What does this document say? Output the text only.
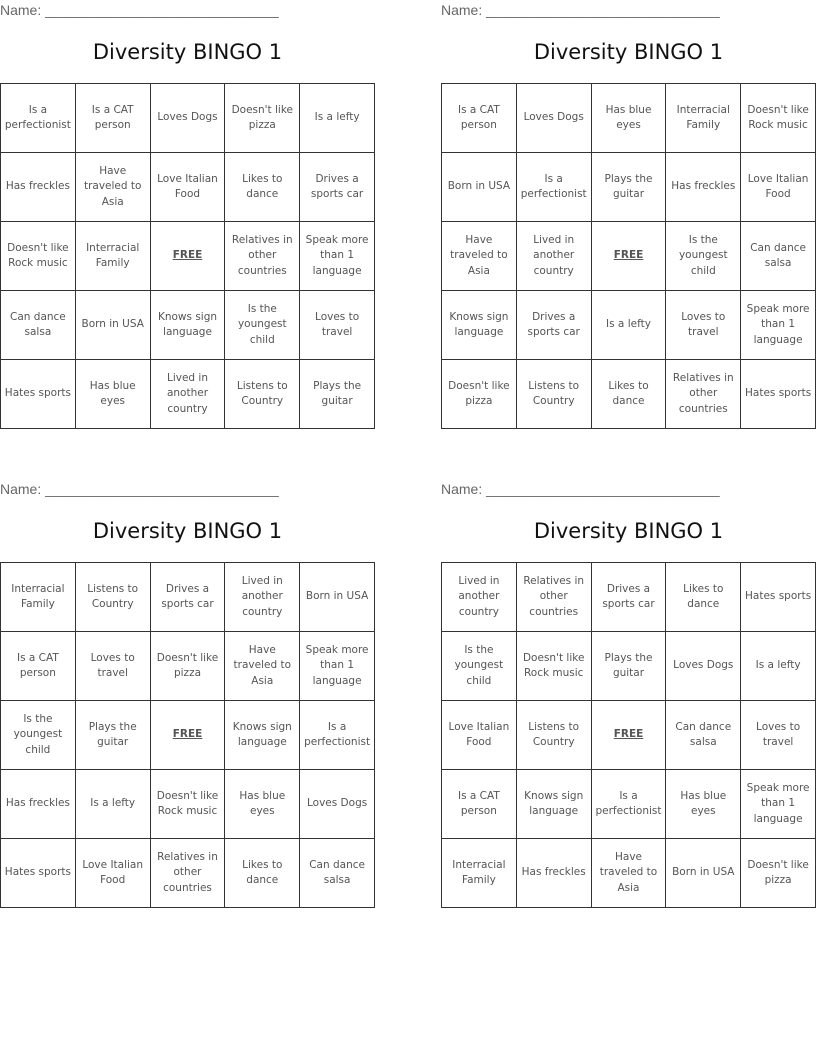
Name: ______________________________
Diversity BINGO 1
Is a perfectionist	Is a CAT person	Loves Dogs	Doesn't like pizza	Is a lefty
Has freckles	Have traveled to Asia	Love Italian Food	Likes to dance	Drives a sports car
Doesn't like Rock music	Interracial Family	FREE	Relatives in other countries	Speak more than 1 language
Can dance salsa	Born in USA	Knows sign language	Is the youngest child	Loves to travel
Hates sports	Has blue eyes	Lived in another country	Listens to Country	Plays the guitar
Name: ______________________________
Diversity BINGO 1
Is a CAT person	Loves Dogs	Has blue eyes	Interracial Family	Doesn't like Rock music
Born in USA	Is a perfectionist	Plays the guitar	Has freckles	Love Italian Food
Have traveled to Asia	Lived in another country	FREE	Is the youngest child	Can dance salsa
Knows sign language	Drives a sports car	Is a lefty	Loves to travel	Speak more than 1 language
Doesn't like pizza	Listens to Country	Likes to dance	Relatives in other countries	Hates sports
Name: ______________________________
Diversity BINGO 1
Interracial Family	Listens to Country	Drives a sports car	Lived in another country	Born in USA
Is a CAT person	Loves to travel	Doesn't like pizza	Have traveled to Asia	Speak more than 1 language
Is the youngest child	Plays the guitar	FREE	Knows sign language	Is a perfectionist
Has freckles	Is a lefty	Doesn't like Rock music	Has blue eyes	Loves Dogs
Hates sports	Love Italian Food	Relatives in other countries	Likes to dance	Can dance salsa
Name: ______________________________
Diversity BINGO 1
Lived in another country	Relatives in other countries	Drives a sports car	Likes to dance	Hates sports
Is the youngest child	Doesn't like Rock music	Plays the guitar	Loves Dogs	Is a lefty
Love Italian Food	Listens to Country	FREE	Can dance salsa	Loves to travel
Is a CAT person	Knows sign language	Is a perfectionist	Has blue eyes	Speak more than 1 language
Interracial Family	Has freckles	Have traveled to Asia	Born in USA	Doesn't like pizza
